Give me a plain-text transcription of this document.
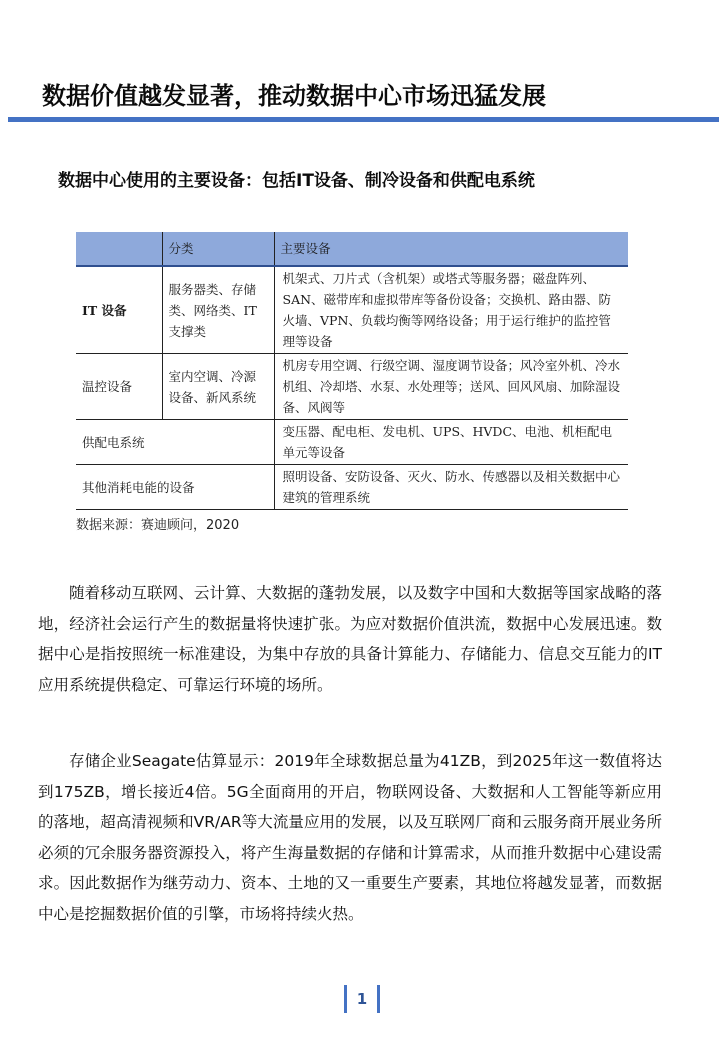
数据价值越发显著，推动数据中心市场迅猛发展
数据中心使用的主要设备：包括IT设备、制冷设备和供配电系统
	分类	主要设备
IT 设备	服务器类、存储类、网络类、IT 支撑类	机架式、刀片式（含机架）或塔式等服务器；磁盘阵列、SAN、磁带库和虚拟带库等备份设备；交换机、路由器、防火墙、VPN、负载均衡等网络设备；用于运行维护的监控管理等设备
温控设备	室内空调、冷源设备、新风系统	机房专用空调、行级空调、湿度调节设备；风冷室外机、冷水机组、冷却塔、水泵、水处理等；送风、回风风扇、加除湿设备、风阀等
供配电系统		变压器、配电柜、发电机、UPS、HVDC、电池、机柜配电单元等设备
其他消耗电能的设备		照明设备、安防设备、灭火、防水、传感器以及相关数据中心建筑的管理系统
数据来源：赛迪顾问，2020
随着移动互联网、云计算、大数据的蓬勃发展，以及数字中国和大数据等国家战略的落地，经济社会运行产生的数据量将快速扩张。为应对数据价值洪流，数据中心发展迅速。数据中心是指按照统一标准建设，为集中存放的具备计算能力、存储能力、信息交互能力的IT应用系统提供稳定、可靠运行环境的场所。
存储企业Seagate估算显示：2019年全球数据总量为41ZB，到2025年这一数值将达到175ZB，增长接近4倍。5G全面商用的开启，物联网设备、大数据和人工智能等新应用的落地，超高清视频和VR/AR等大流量应用的发展，以及互联网厂商和云服务商开展业务所必须的冗余服务器资源投入，将产生海量数据的存储和计算需求，从而推升数据中心建设需求。因此数据作为继劳动力、资本、土地的又一重要生产要素，其地位将越发显著，而数据中心是挖掘数据价值的引擎，市场将持续火热。
1
